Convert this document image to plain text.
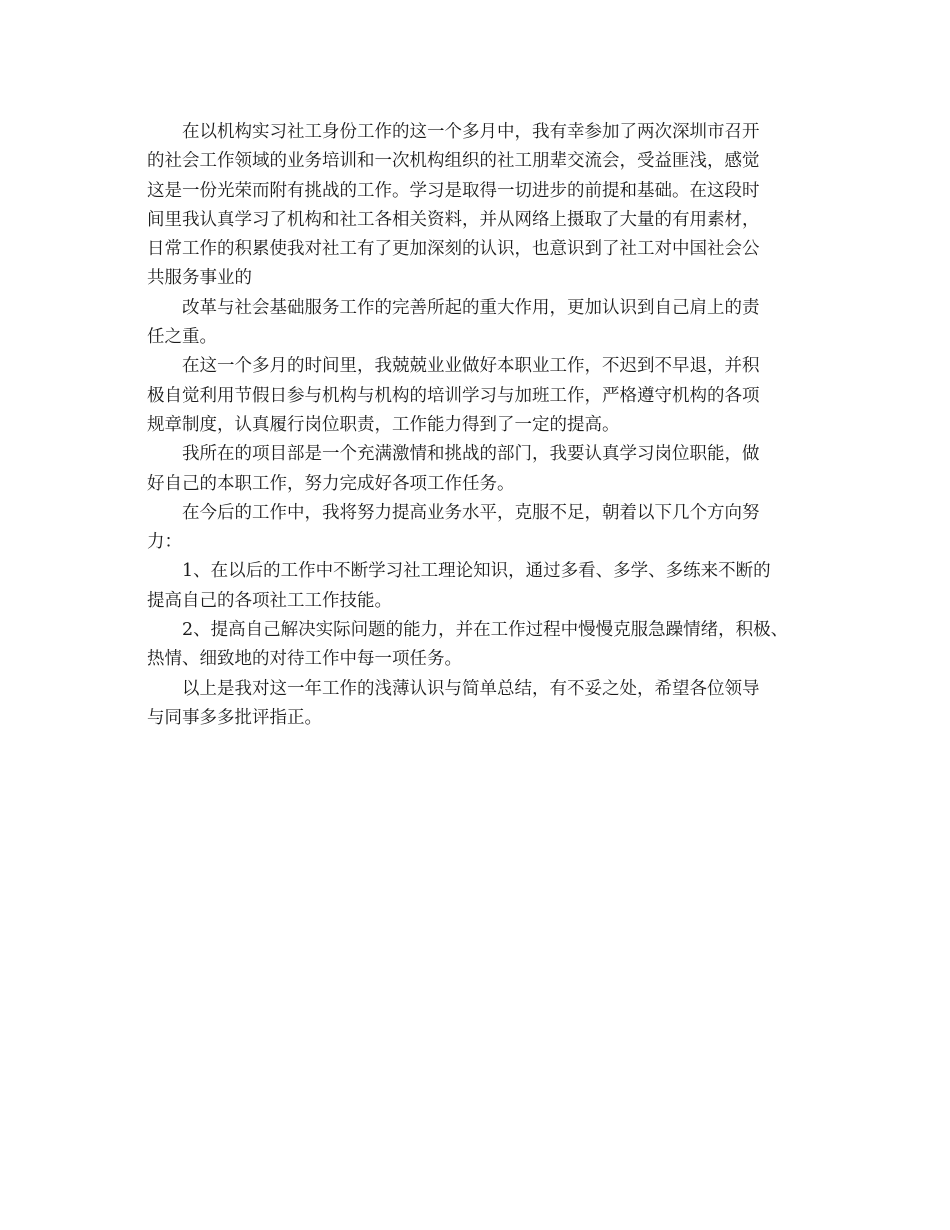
在以机构实习社工身份工作的这一个多月中，我有幸参加了两次深圳市召开
的社会工作领域的业务培训和一次机构组织的社工朋辈交流会，受益匪浅，感觉
这是一份光荣而附有挑战的工作。学习是取得一切进步的前提和基础。在这段时
间里我认真学习了机构和社工各相关资料，并从网络上摄取了大量的有用素材，
日常工作的积累使我对社工有了更加深刻的认识，也意识到了社工对中国社会公
共服务事业的
改革与社会基础服务工作的完善所起的重大作用，更加认识到自己肩上的责
任之重。
在这一个多月的时间里，我兢兢业业做好本职业工作，不迟到不早退，并积
极自觉利用节假日参与机构与机构的培训学习与加班工作，严格遵守机构的各项
规章制度，认真履行岗位职责，工作能力得到了一定的提高。
我所在的项目部是一个充满激情和挑战的部门，我要认真学习岗位职能，做
好自己的本职工作，努力完成好各项工作任务。
在今后的工作中，我将努力提高业务水平，克服不足，朝着以下几个方向努
力：
1、在以后的工作中不断学习社工理论知识，通过多看、多学、多练来不断的
提高自己的各项社工工作技能。
2、提高自己解决实际问题的能力，并在工作过程中慢慢克服急躁情绪，积极、
热情、细致地的对待工作中每一项任务。
以上是我对这一年工作的浅薄认识与简单总结，有不妥之处，希望各位领导
与同事多多批评指正。
